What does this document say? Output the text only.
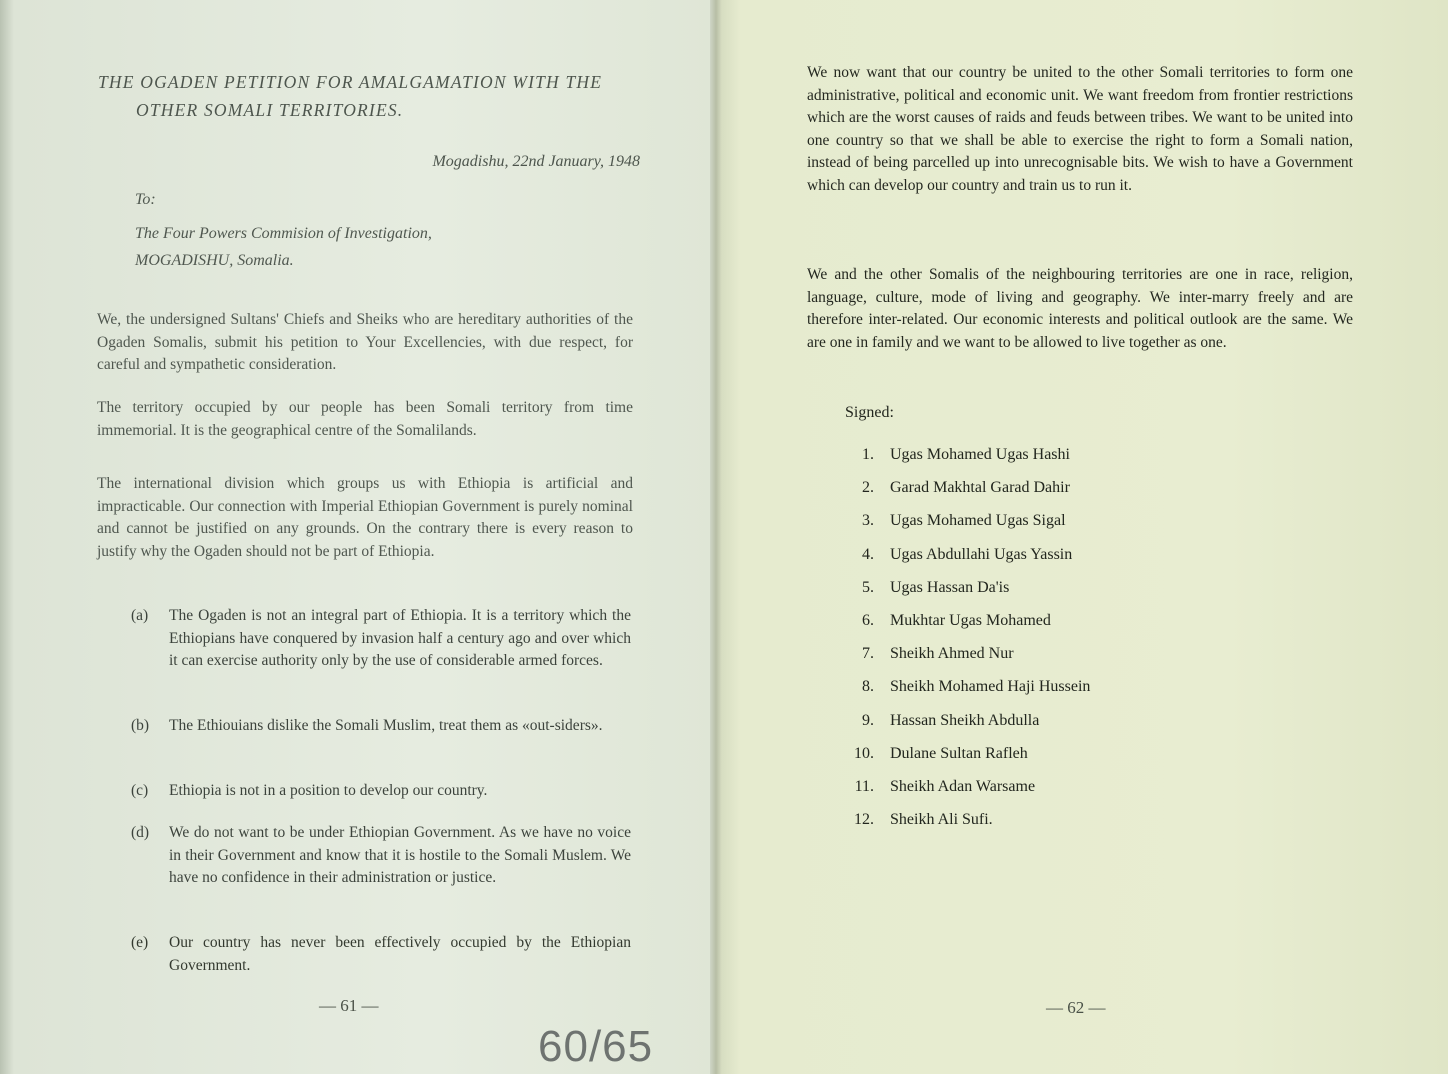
THE OGADEN PETITION FOR AMALGAMATION WITH THE
OTHER SOMALI TERRITORIES.
Mogadishu, 22nd January, 1948
To:
The Four Powers Commision of Investigation,
MOGADISHU, Somalia.
We, the undersigned Sultans' Chiefs and Sheiks who are hereditary authorities of the Ogaden Somalis, submit his petition to Your Excellencies, with due respect, for careful and sympathetic consideration.
The territory occupied by our people has been Somali territory from time immemorial. It is the geographical centre of the Somalilands.
The international division which groups us with Ethiopia is artificial and impracticable. Our connection with Imperial Ethiopian Government is purely nominal and cannot be justified on any grounds. On the contrary there is every reason to justify why the Ogaden should not be part of Ethiopia.
(a) The Ogaden is not an integral part of Ethiopia. It is a territory which the Ethiopians have conquered by invasion half a century ago and over which it can exercise authority only by the use of considerable armed forces.
(b) The Ethiouians dislike the Somali Muslim, treat them as «out-siders».
(c) Ethiopia is not in a position to develop our country.
(d) We do not want to be under Ethiopian Government. As we have no voice in their Government and know that it is hostile to the Somali Muslem. We have no confidence in their administration or justice.
(e) Our country has never been effectively occupied by the Ethiopian Government.
— 61 —
60/65
We now want that our country be united to the other Somali territories to form one administrative, political and economic unit. We want freedom from frontier restrictions which are the worst causes of raids and feuds between tribes. We want to be united into one country so that we shall be able to exercise the right to form a Somali nation, instead of being parcelled up into unrecognisable bits. We wish to have a Government which can develop our country and train us to run it.
We and the other Somalis of the neighbouring territories are one in race, religion, language, culture, mode of living and geography. We inter-marry freely and are therefore inter-related. Our economic interests and political outlook are the same. We are one in family and we want to be allowed to live together as one.
Signed:
1. Ugas Mohamed Ugas Hashi
2. Garad Makhtal Garad Dahir
3. Ugas Mohamed Ugas Sigal
4. Ugas Abdullahi Ugas Yassin
5. Ugas Hassan Da'is
6. Mukhtar Ugas Mohamed
7. Sheikh Ahmed Nur
8. Sheikh Mohamed Haji Hussein
9. Hassan Sheikh Abdulla
10. Dulane Sultan Rafleh
11. Sheikh Adan Warsame
12. Sheikh Ali Sufi.
— 62 —
